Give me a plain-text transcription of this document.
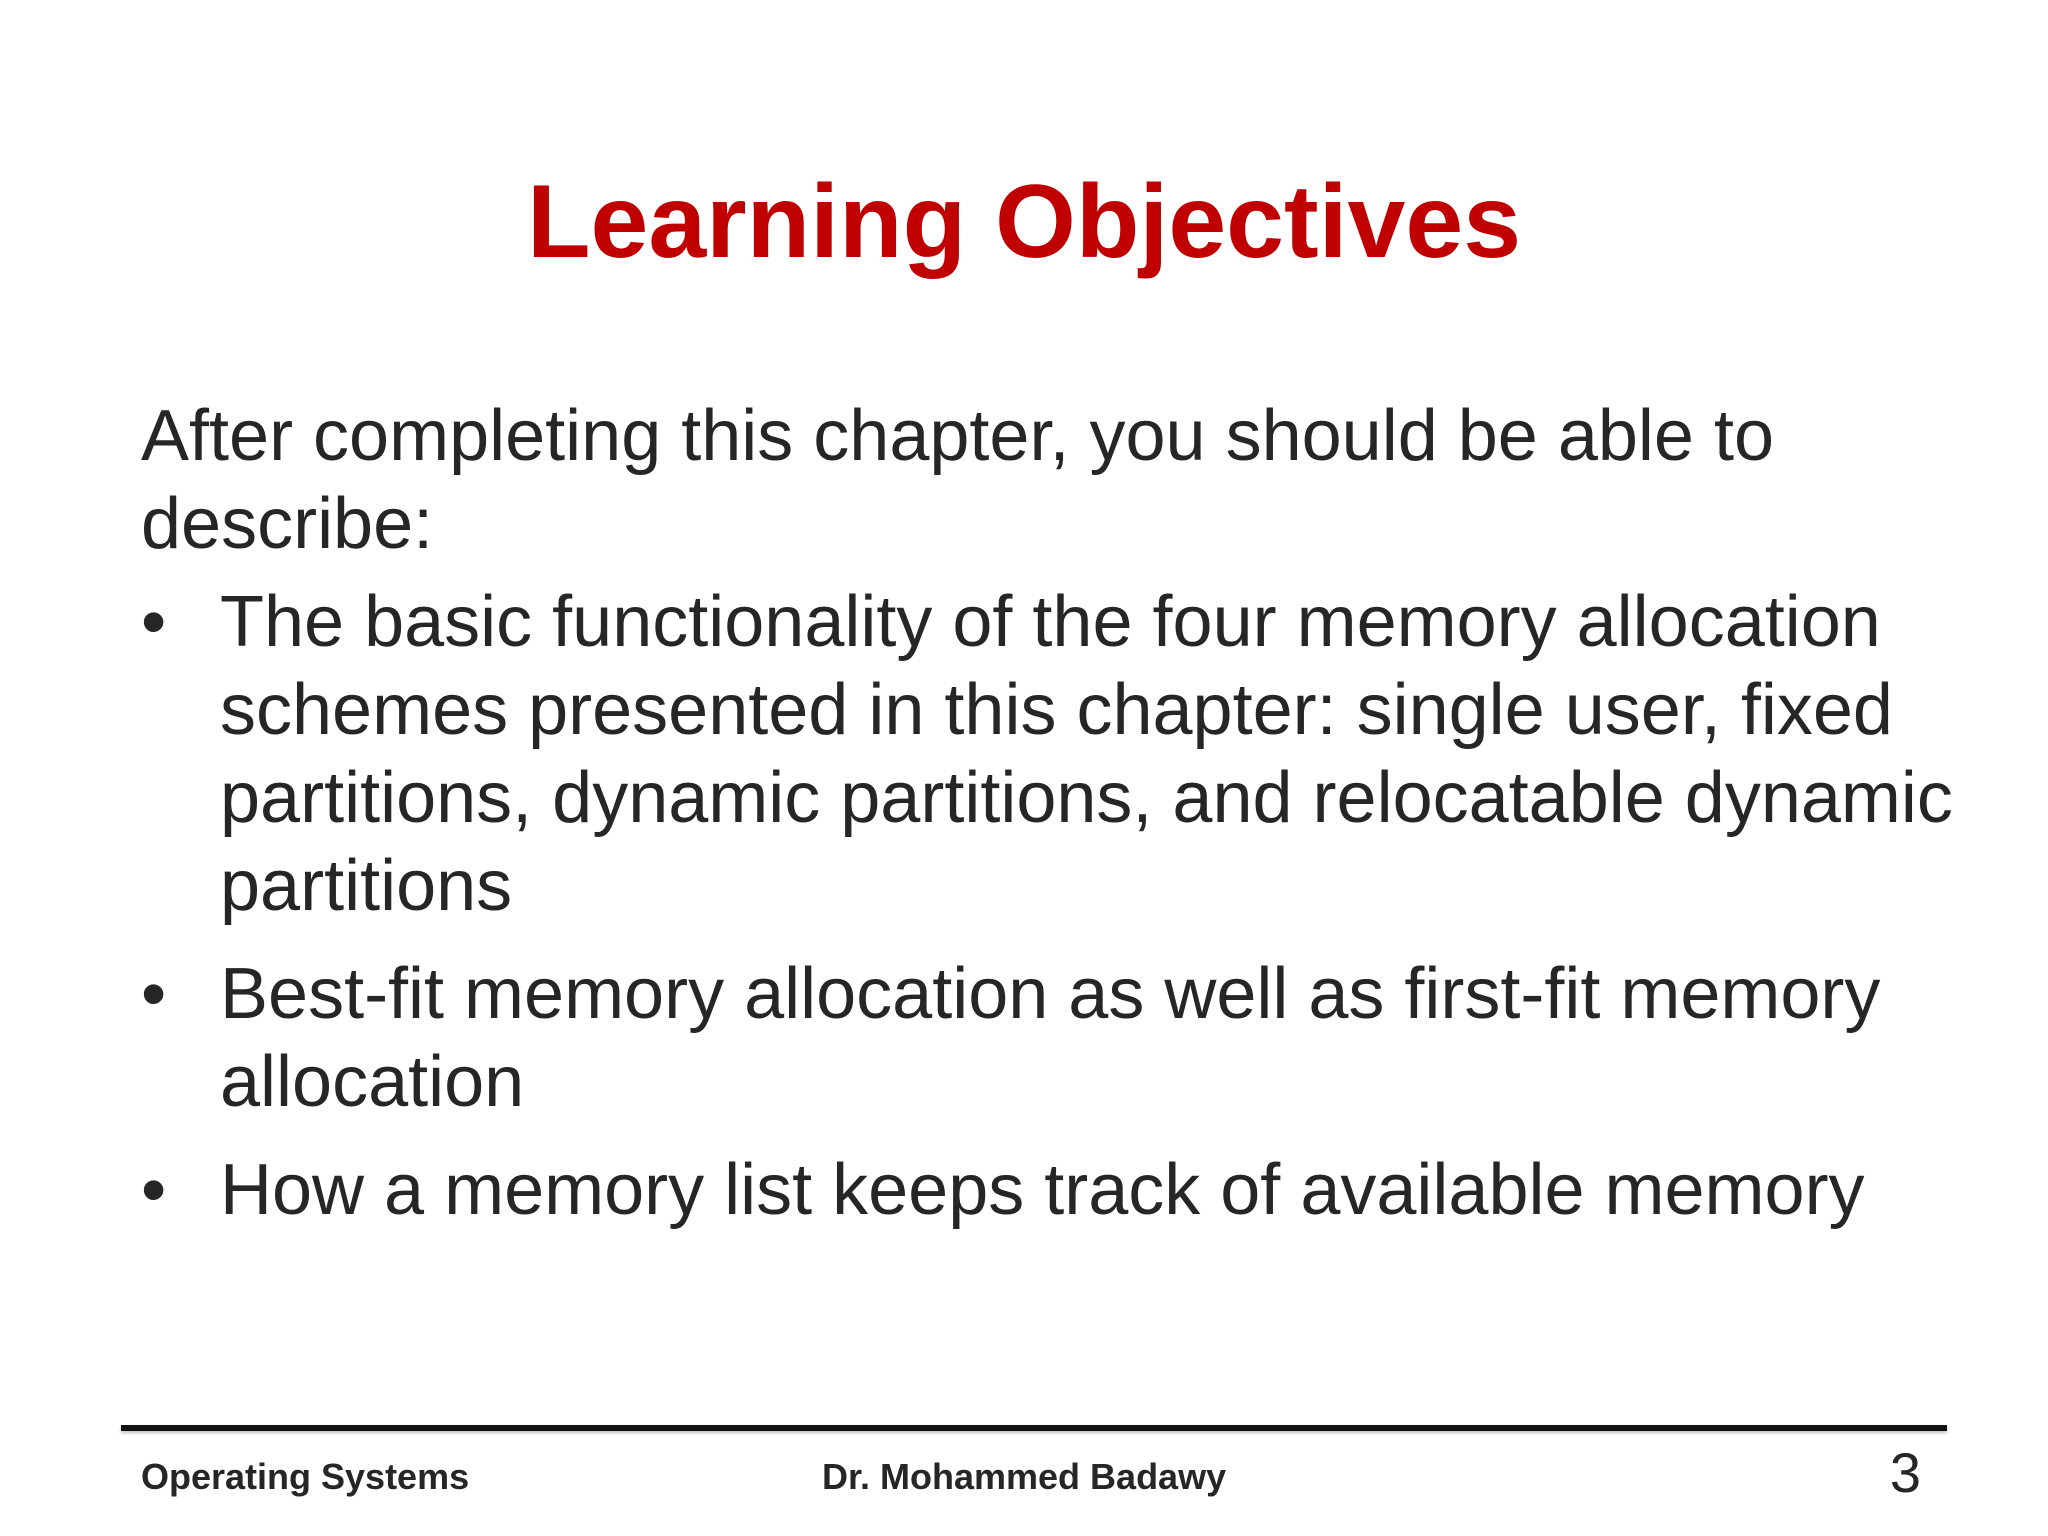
Learning Objectives

After completing this chapter, you should be able to describe:

• The basic functionality of the four memory allocation schemes presented in this chapter: single user, fixed partitions, dynamic partitions, and relocatable dynamic partitions
• Best-fit memory allocation as well as first-fit memory allocation
• How a memory list keeps track of available memory
Operating Systems	Dr. Mohammed Badawy	3
